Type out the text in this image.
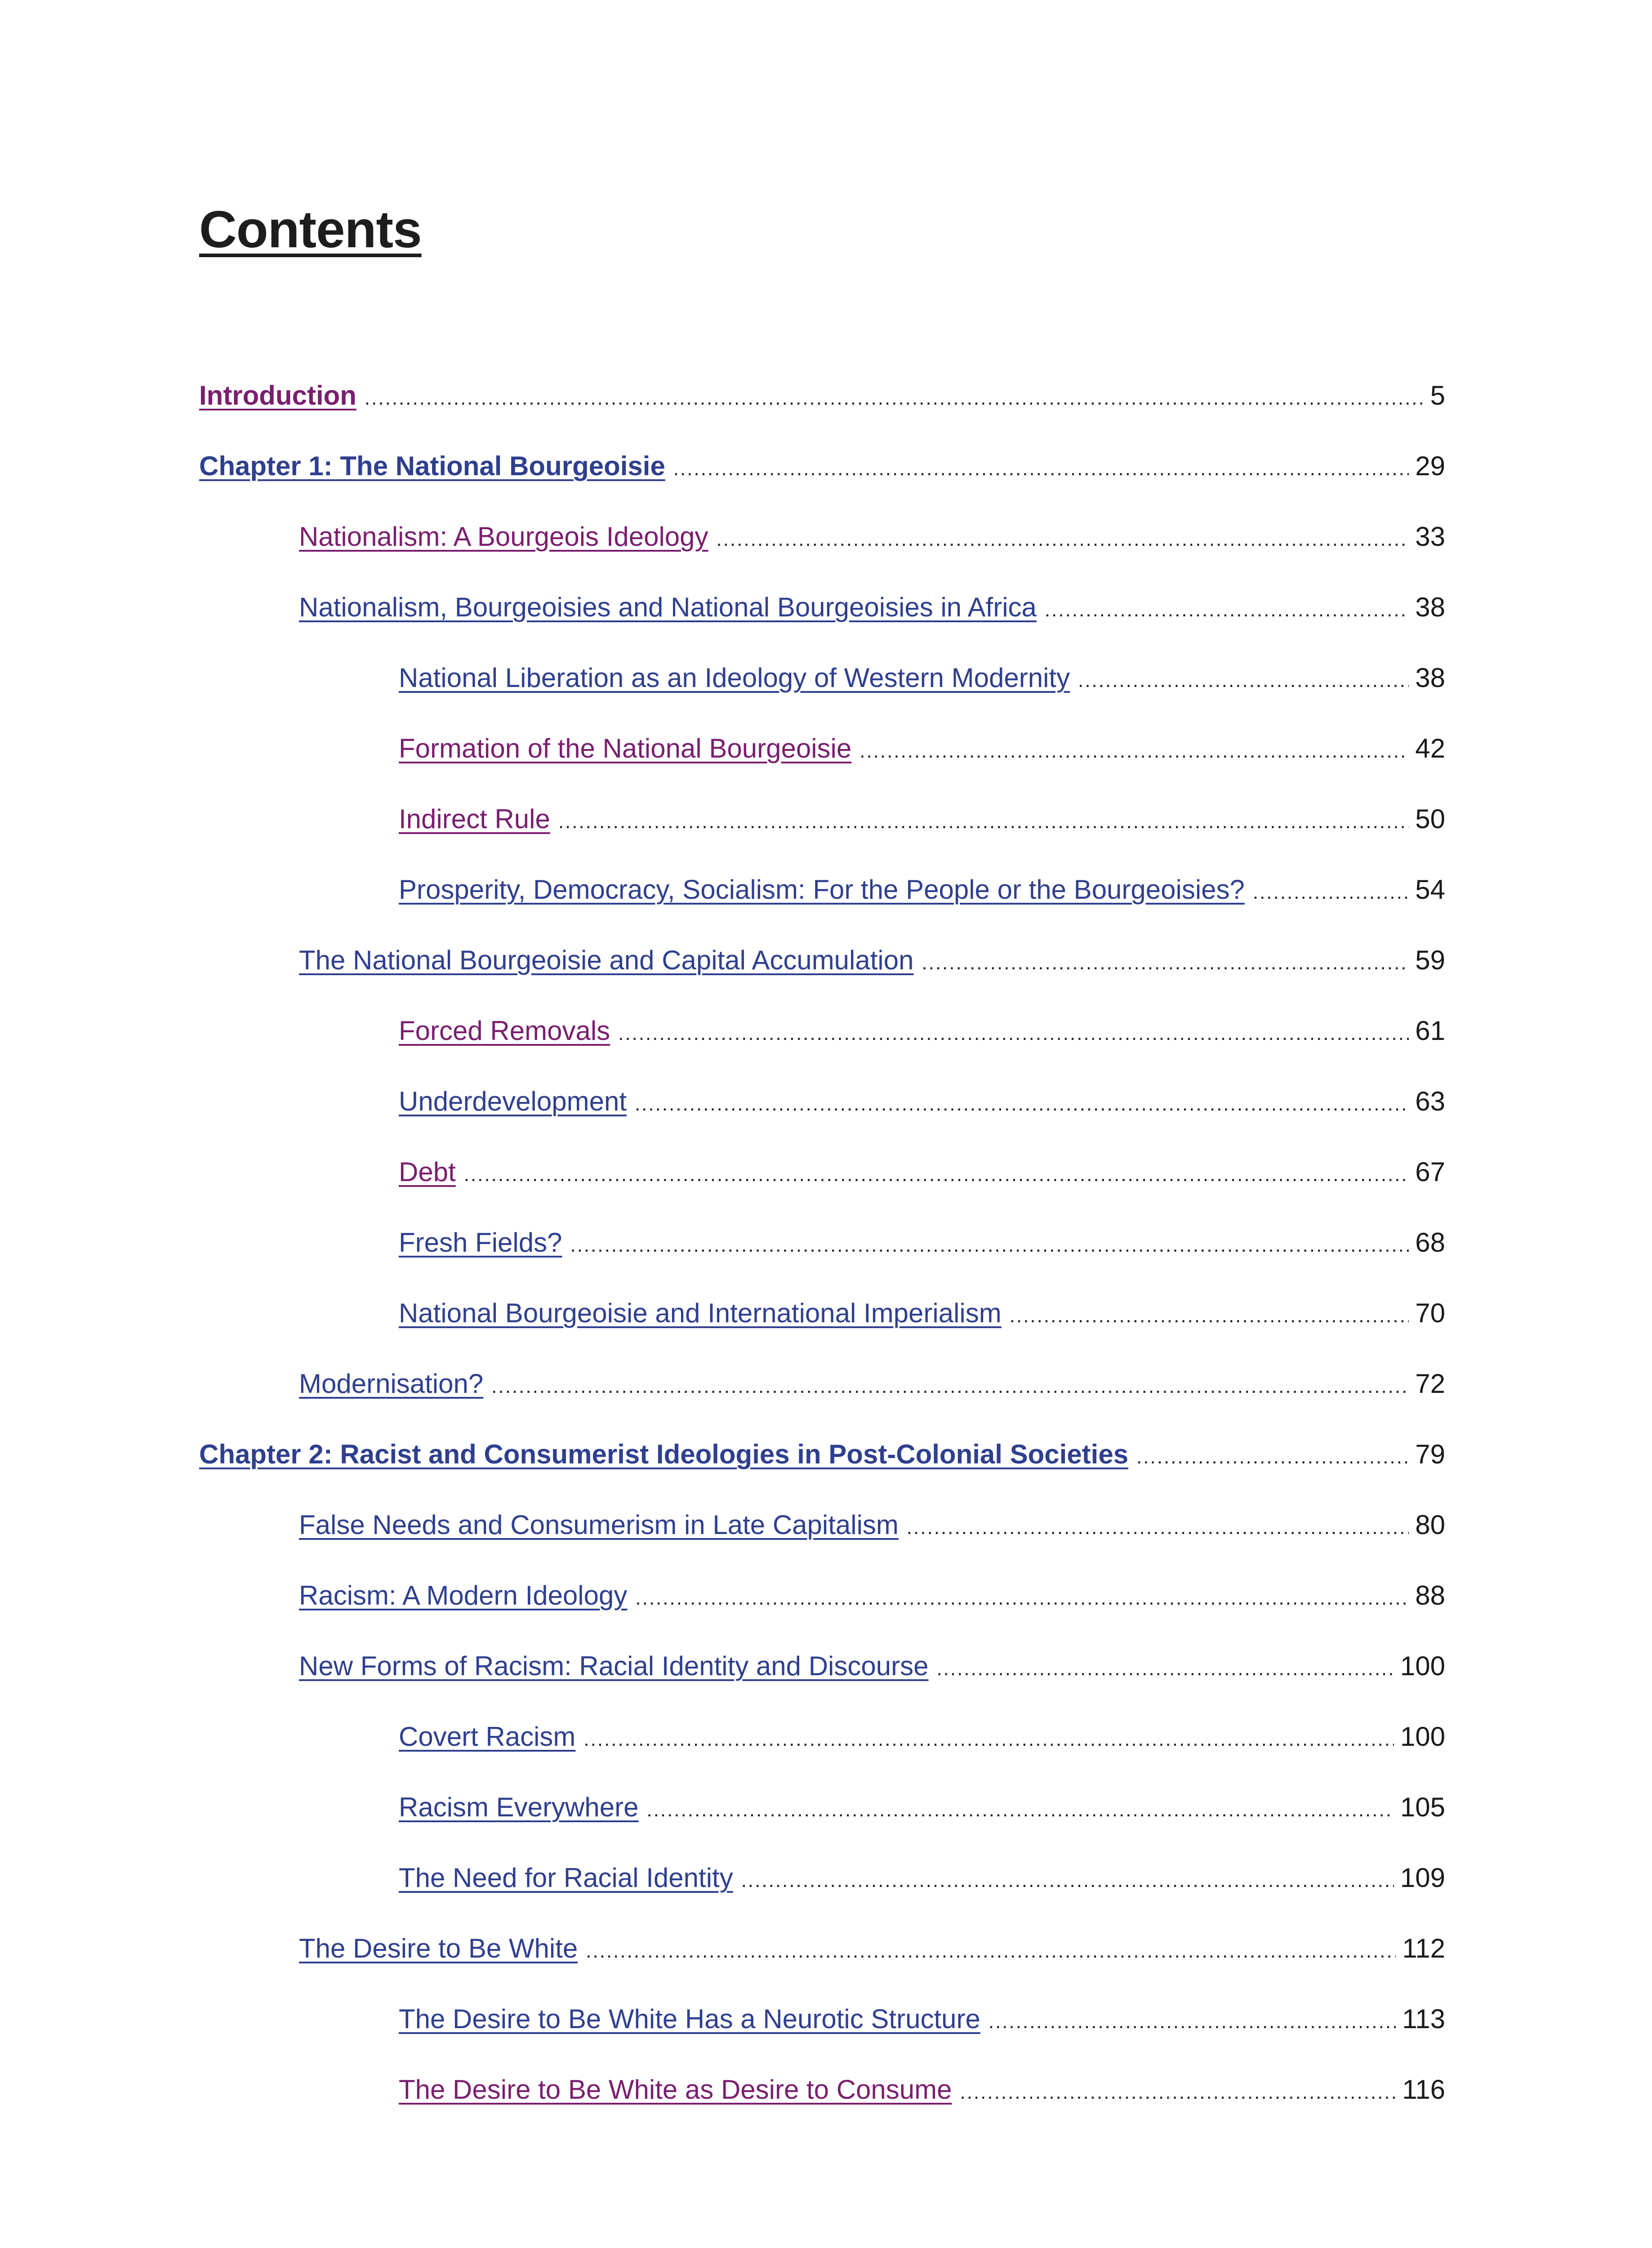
Contents
Introduction .....	5
Chapter 1: The National Bourgeoisie .....	29
Nationalism: A Bourgeois Ideology .....	33
Nationalism, Bourgeoisies and National Bourgeoisies in Africa .....	38
National Liberation as an Ideology of Western Modernity .....	38
Formation of the National Bourgeoisie .....	42
Indirect Rule .....	50
Prosperity, Democracy, Socialism: For the People or the Bourgeoisies? .....	54
The National Bourgeoisie and Capital Accumulation .....	59
Forced Removals .....	61
Underdevelopment .....	63
Debt .....	67
Fresh Fields? .....	68
National Bourgeoisie and International Imperialism .....	70
Modernisation? .....	72
Chapter 2: Racist and Consumerist Ideologies in Post-Colonial Societies .....	79
False Needs and Consumerism in Late Capitalism .....	80
Racism: A Modern Ideology .....	88
New Forms of Racism: Racial Identity and Discourse .....	100
Covert Racism .....	100
Racism Everywhere .....	105
The Need for Racial Identity .....	109
The Desire to Be White .....	112
The Desire to Be White Has a Neurotic Structure .....	113
The Desire to Be White as Desire to Consume .....	116
